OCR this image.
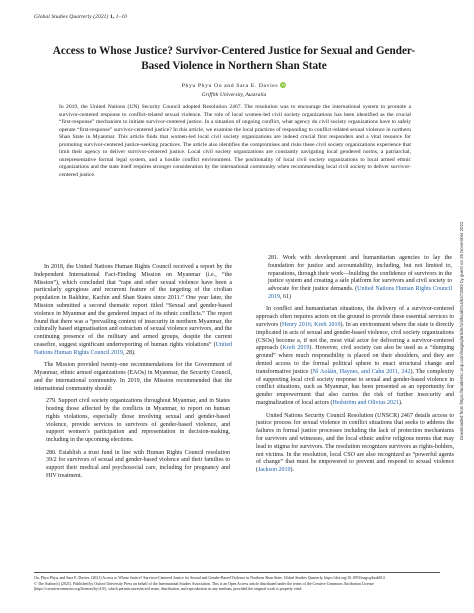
Global Studies Quarterly (2021) 1, 1–10
Access to Whose Justice? Survivor-Centered Justice for Sexual and Gender-Based Violence in Northern Shan State
Phyu Phyu Oo and Sara E. DaviesiD
Griffith University, Australia
In 2019, the United Nations (UN) Security Council adopted Resolution 2467. The resolution was to encourage the international system to promote a survivor-centered response to conflict-related sexual violence. The role of local women-led civil society organizations has been identified as the crucial “first-response” mechanism to initiate survivor-centered justice. In a situation of ongoing conflict, what agency do civil society organizations have to safely operate “first-response” survivor-centered justice? In this article, we examine the local practices of responding to conflict-related sexual violence in northern Shan State in Myanmar. This article finds that women-led local civil society organizations are indeed crucial first responders and a vital resource for promoting survivor-centered justice-seeking practices. The article also identifies the compromises and risks these civil society organizations experience that limit their agency to deliver survivor-centered justice. Local civil society organizations are constantly navigating local gendered norms, a patriarchal, unrepresentative formal legal system, and a hostile conflict environment. The positionality of local civil society organizations to local armed ethnic organizations and the state itself requires stronger consideration by the international community when recommending local civil society to deliver survivor-centered justice.

In 2018, the United Nations Human Rights Council received a report by the Independent International Fact-Finding Mission on Myanmar (i.e., “the Mission”), which concluded that “rape and other sexual violence have been a particularly egregious and recurrent feature of the targeting of the civilian population in Rakhine, Kachin and Shan States since 2011.” One year later, the Mission submitted a second thematic report titled “Sexual and gender-based violence in Myanmar and the gendered impact of its ethnic conflicts.” The report found that there was a “prevailing context of insecurity in northern Myanmar, the culturally based stigmatisation and ostracism of sexual violence survivors, and the continuing presence of the military and armed groups, despite the current ceasefire, suggest significant underreporting of human rights violations” (United Nations Human Rights Council 2019, 28).

The Mission provided twenty-one recommendations for the Government of Myanmar, ethnic armed organizations (EAOs) in Myanmar, the Security Council, and the international community. In 2019, the Mission recommended that the international community should:

279. Support civil society organizations throughout Myanmar, and in States hosting those affected by the conflicts in Myanmar, to report on human rights violations, especially those involving sexual and gender-based violence, provide services to survivors of gender-based violence, and support women’s participation and representation in decision-making, including in the upcoming elections.

280. Establish a trust fund in line with Human Rights Council resolution 39/2 for survivors of sexual and gender-based violence and their families to support their medical and psychosocial care, including for pregnancy and HIV treatment.

281. Work with development and humanitarian agencies to lay the foundation for justice and accountability, including, but not limited to, reparations, through their work—building the confidence of survivors in the justice system and creating a safe platform for survivors and civil society to advocate for their justice demands. (United Nations Human Rights Council 2019, 61)

In conflict and humanitarian situations, the delivery of a survivor-centered approach often requires actors on the ground to provide these essential services to survivors (Henry 2016; Kreft 2019). In an environment where the state is directly implicated in acts of sexual and gender-based violence, civil society organizations (CSOs) become a, if not the, most vital actor for delivering a survivor-centered approach (Kreft 2019). However, civil society can also be used as a “dumping ground” where much responsibility is placed on their shoulders, and they are denied access to the formal political sphere to enact structural change and transformative justice (Ní Aoláin, Haynes, and Cahn 2011, 242). The complexity of supporting local civil society response to sexual and gender-based violence in conflict situations, such as Myanmar, has been presented as an opportunity for gender empowerment that also carries the risk of further insecurity and marginalization of local actors (Hedström and Olivius 2021).

United Nations Security Council Resolution (UNSCR) 2467 details access to justice process for sexual violence in conflict situations that seeks to address the failures in formal justice processes including the lack of protection mechanisms for survivors and witnesses, and the local ethnic and/or religious norms that may lead to stigma for survivors. The resolution recognizes survivors as rights-holders, not victims. In the resolution, local CSO are also recognized as “powerful agents of change” that must be empowered to prevent and respond to sexual violence (Jackson 2019).

Oo, Phyu Phyu, and Sara E. Davies. (2021) Access to Whose Justice? Survivor-Centered Justice for Sexual and Gender-Based Violence in Northern Shan State. Global Studies Quarterly, https://doi.org/10.1093/isagsq/ksab014
© The Author(s) (2021). Published by Oxford University Press on behalf of the International Studies Association. This is an Open Access article distributed under the terms of the Creative Commons Attribution License (https://creativecommons.org/licenses/by/4.0/), which permits unrestricted reuse, distribution, and reproduction in any medium, provided the original work is properly cited.
Downloaded from https://academic.oup.com/isagsq/article/1/4/ksab014/6372082 by guest on 25 November 2022
